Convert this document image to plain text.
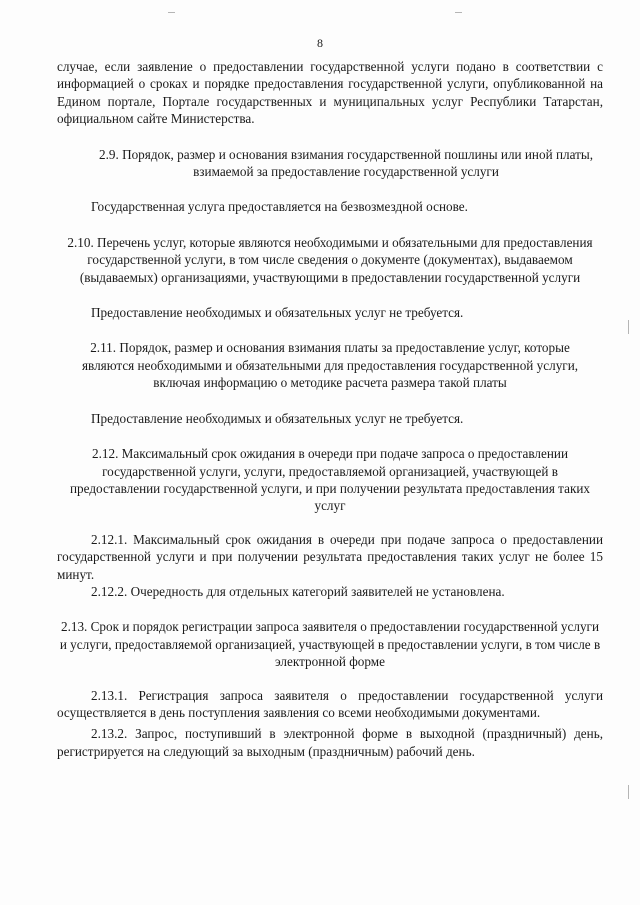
8

случае, если заявление о предоставлении государственной услуги подано в соответствии с информацией о сроках и порядке предоставления государственной услуги, опубликованной на Едином портале, Портале государственных и муниципальных услуг Республики Татарстан, официальном сайте Министерства.

2.9. Порядок, размер и основания взимания государственной пошлины или иной платы, взимаемой за предоставление государственной услуги

Государственная услуга предоставляется на безвозмездной основе.

2.10. Перечень услуг, которые являются необходимыми и обязательными для предоставления государственной услуги, в том числе сведения о документе (документах), выдаваемом (выдаваемых) организациями, участвующими в предоставлении государственной услуги

Предоставление необходимых и обязательных услуг не требуется.

2.11. Порядок, размер и основания взимания платы за предоставление услуг, которые являются необходимыми и обязательными для предоставления государственной услуги, включая информацию о методике расчета размера такой платы

Предоставление необходимых и обязательных услуг не требуется.

2.12. Максимальный срок ожидания в очереди при подаче запроса о предоставлении государственной услуги, услуги, предоставляемой организацией, участвующей в предоставлении государственной услуги, и при получении результата предоставления таких услуг

2.12.1. Максимальный срок ожидания в очереди при подаче запроса о предоставлении государственной услуги и при получении результата предоставления таких услуг не более 15 минут.

2.12.2. Очередность для отдельных категорий заявителей не установлена.

2.13. Срок и порядок регистрации запроса заявителя о предоставлении государственной услуги и услуги, предоставляемой организацией, участвующей в предоставлении услуги, в том числе в электронной форме

2.13.1. Регистрация запроса заявителя о предоставлении государственной услуги осуществляется в день поступления заявления со всеми необходимыми документами.

2.13.2. Запрос, поступивший в электронной форме в выходной (праздничный) день, регистрируется на следующий за выходным (праздничным) рабочий день.
